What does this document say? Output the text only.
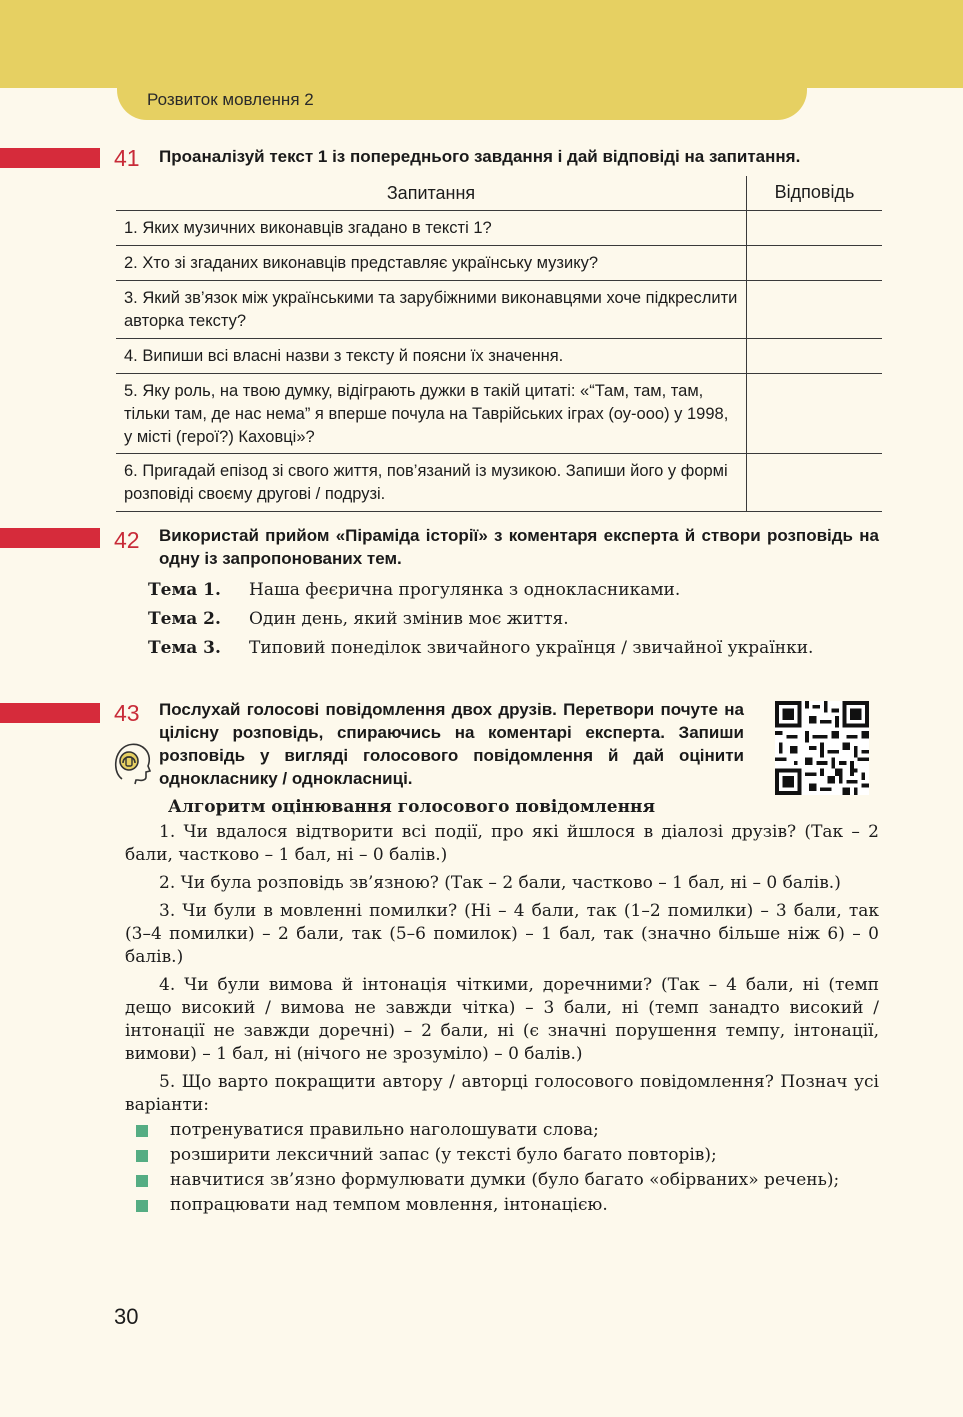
Розвиток мовлення 2
41 Проаналізуй текст 1 із попереднього завдання і дай відповіді на запитання.
Запитання	Відповідь
1. Яких музичних виконавців згадано в тексті 1?
2. Хто зі згаданих виконавців представляє українську музику?
3. Який зв’язок між українськими та зарубіжними виконавцями хоче підкреслити авторка тексту?
4. Випиши всі власні назви з тексту й поясни їх значення.
5. Яку роль, на твою думку, відіграють дужки в такій цитаті: «“Там, там, там, тільки там, де нас нема” я вперше почула на Таврійських іграх (оу-ооо) у 1998, у місті (герої?) Каховці»?
6. Пригадай епізод зі свого життя, пов’язаний із музикою. Запиши його у формі розповіді своєму другові / подрузі.
42 Використай прийом «Піраміда історії» з коментаря експерта й створи розповідь на одну із запропонованих тем.
Тема 1.	Наша феєрична прогулянка з однокласниками.
Тема 2.	Один день, який змінив моє життя.
Тема 3.	Типовий понеділок звичайного українця / звичайної українки.
43 Послухай голосові повідомлення двох друзів. Перетвори почуте на цілісну розповідь, спираючись на коментарі експерта. Запиши розповідь у вигляді голосового повідомлення й дай оцінити однокласнику / однокласниці.
Алгоритм оцінювання голосового повідомлення

1. Чи вдалося відтворити всі події, про які йшлося в діалозі друзів? (Так – 2 бали, частково – 1 бал, ні – 0 балів.)

2. Чи була розповідь зв’язною? (Так – 2 бали, частково – 1 бал, ні – 0 балів.)

3. Чи були в мовленні помилки? (Ні – 4 бали, так (1–2 помилки) – 3 бали, так (3–4 помилки) – 2 бали, так (5–6 помилок) – 1 бал, так (значно більше ніж 6) – 0 балів.)

4. Чи були вимова й інтонація чіткими, доречними? (Так – 4 бали, ні (темп дещо високий / вимова не завжди чітка) – 3 бали, ні (темп занадто високий / інтонації не завжди доречні) – 2 бали, ні (є значні порушення темпу, інтонації, вимови) – 1 бал, ні (нічого не зрозуміло) – 0 балів.)

5. Що варто покращити автору / авторці голосового повідомлення? Познач усі варіанти:

потренуватися правильно наголошувати слова;
розширити лексичний запас (у тексті було багато повторів);
навчитися зв’язно формулювати думки (було багато «обірваних» речень);
попрацювати над темпом мовлення, інтонацією.
30
